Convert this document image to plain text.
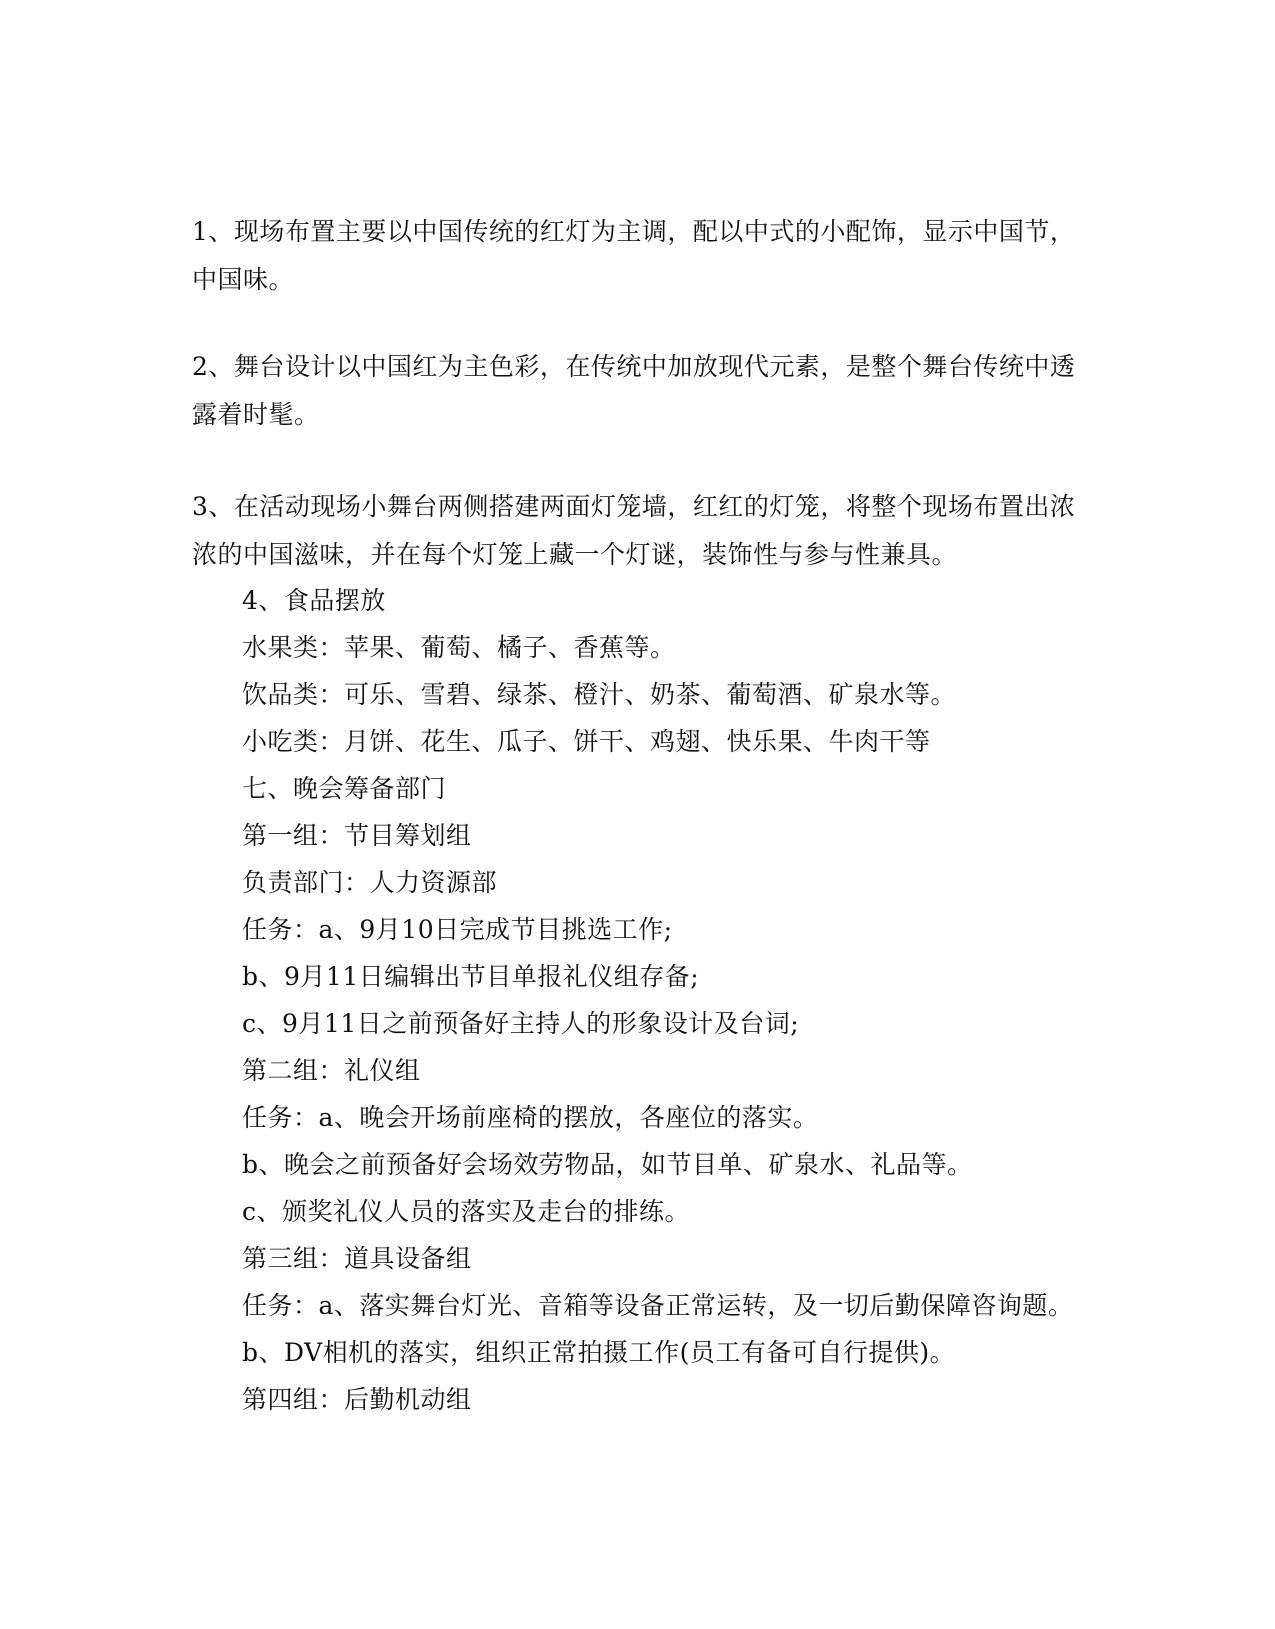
1、现场布置主要以中国传统的红灯为主调，配以中式的小配饰，显示中国节，中国味。

2、舞台设计以中国红为主色彩，在传统中加放现代元素，是整个舞台传统中透露着时髦。

3、在活动现场小舞台两侧搭建两面灯笼墙，红红的灯笼，将整个现场布置出浓浓的中国滋味，并在每个灯笼上藏一个灯谜，装饰性与参与性兼具。

4、食品摆放

水果类：苹果、葡萄、橘子、香蕉等。

饮品类：可乐、雪碧、绿茶、橙汁、奶茶、葡萄酒、矿泉水等。

小吃类：月饼、花生、瓜子、饼干、鸡翅、快乐果、牛肉干等

七、晚会筹备部门

第一组：节目筹划组

负责部门：人力资源部

任务：a、9月10日完成节目挑选工作;

b、9月11日编辑出节目单报礼仪组存备;

c、9月11日之前预备好主持人的形象设计及台词;

第二组：礼仪组

任务：a、晚会开场前座椅的摆放，各座位的落实。

b、晚会之前预备好会场效劳物品，如节目单、矿泉水、礼品等。

c、颁奖礼仪人员的落实及走台的排练。

第三组：道具设备组

任务：a、落实舞台灯光、音箱等设备正常运转，及一切后勤保障咨询题。

b、DV相机的落实，组织正常拍摄工作(员工有备可自行提供)。

第四组：后勤机动组
